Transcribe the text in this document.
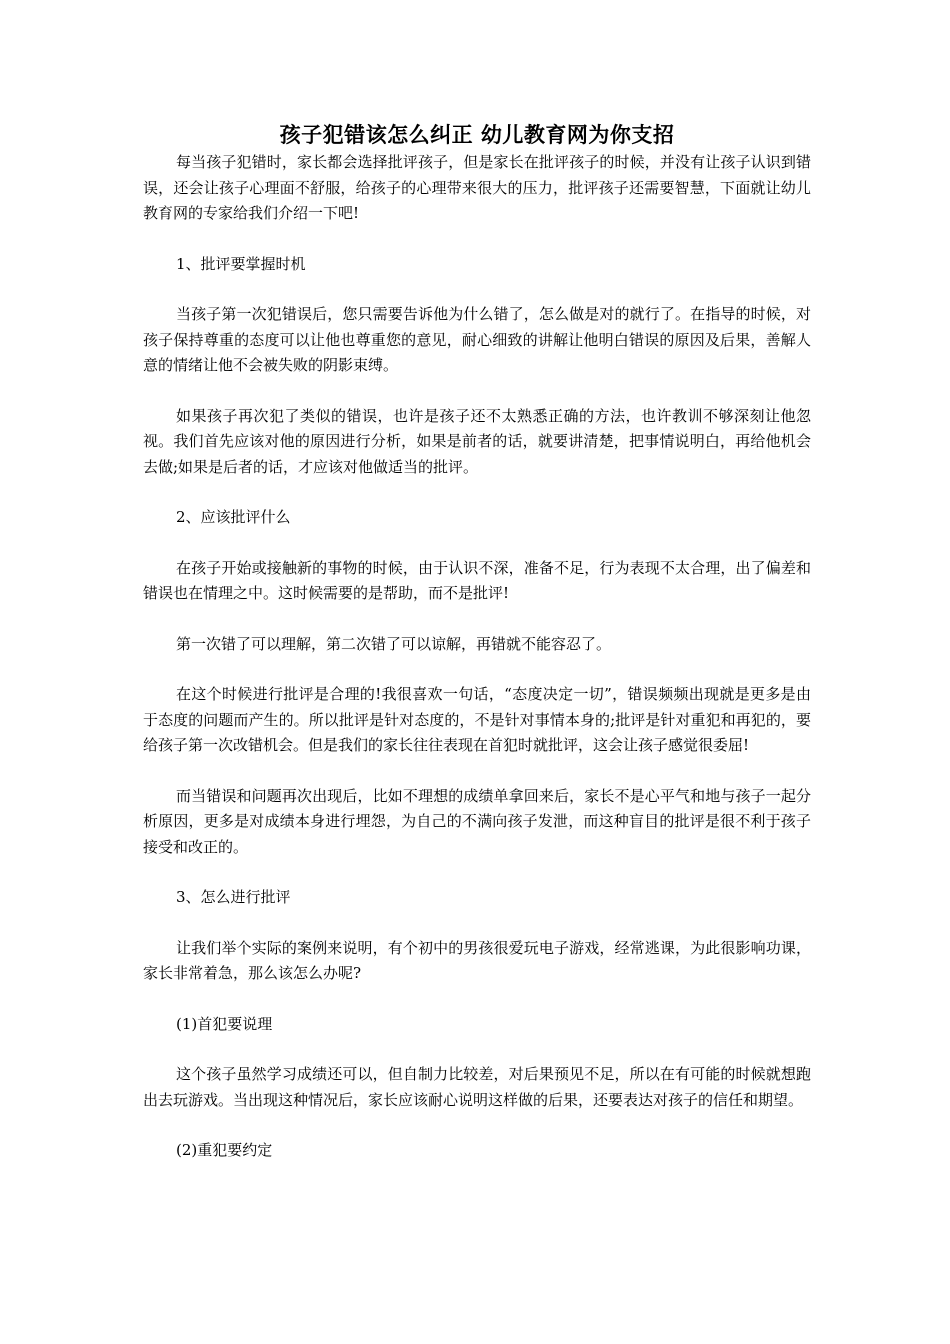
孩子犯错该怎么纠正 幼儿教育网为你支招

每当孩子犯错时，家长都会选择批评孩子，但是家长在批评孩子的时候，并没有让孩子认识到错误，还会让孩子心理面不舒服，给孩子的心理带来很大的压力，批评孩子还需要智慧，下面就让幼儿教育网的专家给我们介绍一下吧!

1、批评要掌握时机

当孩子第一次犯错误后，您只需要告诉他为什么错了，怎么做是对的就行了。在指导的时候，对孩子保持尊重的态度可以让他也尊重您的意见，耐心细致的讲解让他明白错误的原因及后果，善解人意的情绪让他不会被失败的阴影束缚。

如果孩子再次犯了类似的错误，也许是孩子还不太熟悉正确的方法，也许教训不够深刻让他忽视。我们首先应该对他的原因进行分析，如果是前者的话，就要讲清楚，把事情说明白，再给他机会去做;如果是后者的话，才应该对他做适当的批评。

2、应该批评什么

在孩子开始或接触新的事物的时候，由于认识不深，准备不足，行为表现不太合理，出了偏差和错误也在情理之中。这时候需要的是帮助，而不是批评!

第一次错了可以理解，第二次错了可以谅解，再错就不能容忍了。

在这个时候进行批评是合理的!我很喜欢一句话，“态度决定一切”，错误频频出现就是更多是由于态度的问题而产生的。所以批评是针对态度的，不是针对事情本身的;批评是针对重犯和再犯的，要给孩子第一次改错机会。但是我们的家长往往表现在首犯时就批评，这会让孩子感觉很委屈!

而当错误和问题再次出现后，比如不理想的成绩单拿回来后，家长不是心平气和地与孩子一起分析原因，更多是对成绩本身进行埋怨，为自己的不满向孩子发泄，而这种盲目的批评是很不利于孩子接受和改正的。

3、怎么进行批评

让我们举个实际的案例来说明，有个初中的男孩很爱玩电子游戏，经常逃课，为此很影响功课，家长非常着急，那么该怎么办呢?

(1)首犯要说理

这个孩子虽然学习成绩还可以，但自制力比较差，对后果预见不足，所以在有可能的时候就想跑出去玩游戏。当出现这种情况后，家长应该耐心说明这样做的后果，还要表达对孩子的信任和期望。

(2)重犯要约定
